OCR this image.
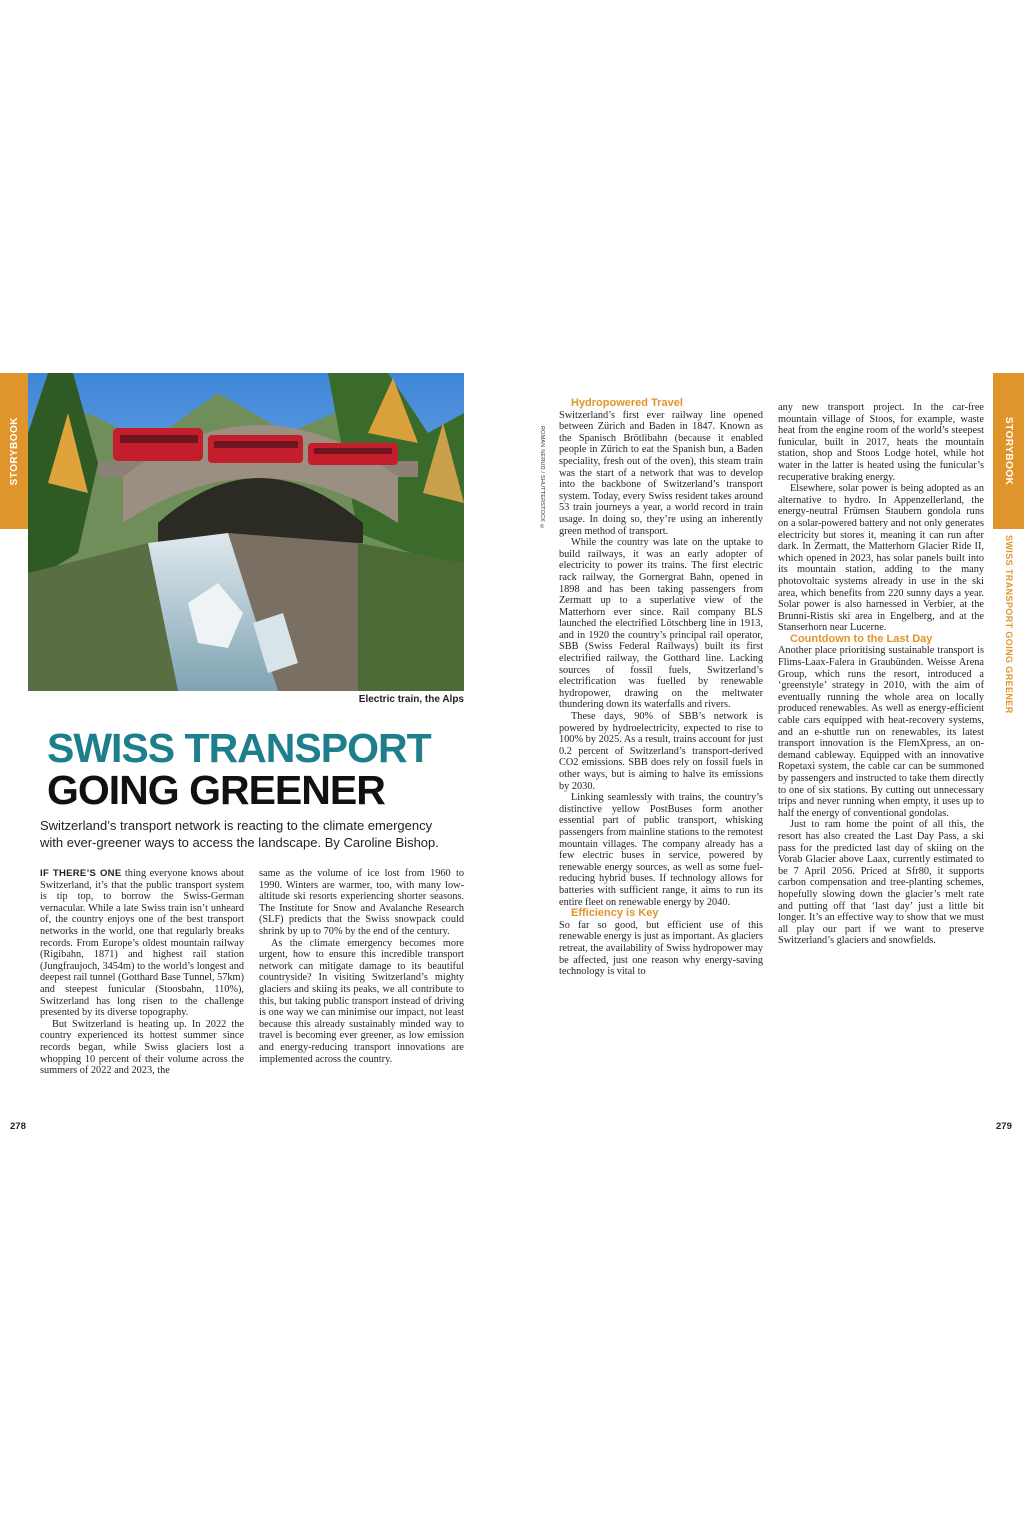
STORYBOOK
Electric train, the Alps
SWISS TRANSPORT
GOING GREENER
Switzerland’s transport network is reacting to the climate emergency with ever-greener ways to access the landscape. By Caroline Bishop.

IF THERE’S ONE thing everyone knows about Switzerland, it’s that the public transport system is tip top, to borrow the Swiss-German vernacular. While a late Swiss train isn’t unheard of, the country enjoys one of the best transport networks in the world, one that regularly breaks records. From Europe’s oldest mountain railway (Rigibahn, 1871) and highest rail station (Jungfraujoch, 3454m) to the world’s longest and deepest rail tunnel (Gotthard Base Tunnel, 57km) and steepest funicular (Stoosbahn, 110%), Switzerland has long risen to the challenge presented by its diverse topography.

But Switzerland is heating up. In 2022 the country experienced its hottest summer since records began, while Swiss glaciers lost a whopping 10 percent of their volume across the summers of 2022 and 2023, the

same as the volume of ice lost from 1960 to 1990. Winters are warmer, too, with many low-altitude ski resorts experiencing shorter seasons. The Institute for Snow and Avalanche Research (SLF) predicts that the Swiss snowpack could shrink by up to 70% by the end of the century.

As the climate emergency becomes more urgent, how to ensure this incredible transport network can mitigate damage to its beautiful countryside? In visiting Switzerland’s mighty glaciers and skiing its peaks, we all contribute to this, but taking public transport instead of driving is one way we can minimise our impact, not least because this already sustainably minded way to travel is becoming ever greener, as low emission and energy-reducing transport innovations are implemented across the country.

278
ROMAN NERUD / SHUTTERSTOCK ©

Hydropowered Travel

Switzerland’s first ever railway line opened between Zürich and Baden in 1847. Known as the Spanisch Brötlibahn (because it enabled people in Zürich to eat the Spanish bun, a Baden speciality, fresh out of the oven), this steam train was the start of a network that was to develop into the backbone of Switzerland’s transport system. Today, every Swiss resident takes around 53 train journeys a year, a world record in train usage. In doing so, they’re using an inherently green method of transport.

While the country was late on the uptake to build railways, it was an early adopter of electricity to power its trains. The first electric rack railway, the Gornergrat Bahn, opened in 1898 and has been taking passengers from Zermatt up to a superlative view of the Matterhorn ever since. Rail company BLS launched the electrified Lötschberg line in 1913, and in 1920 the country’s principal rail operator, SBB (Swiss Federal Railways) built its first electrified railway, the Gotthard line. Lacking sources of fossil fuels, Switzerland’s electrification was fuelled by renewable hydropower, drawing on the meltwater thundering down its waterfalls and rivers.

These days, 90% of SBB’s network is powered by hydroelectricity, expected to rise to 100% by 2025. As a result, trains account for just 0.2 percent of Switzerland’s transport-derived CO2 emissions. SBB does rely on fossil fuels in other ways, but is aiming to halve its emissions by 2030.

Linking seamlessly with trains, the country’s distinctive yellow PostBuses form another essential part of public transport, whisking passengers from mainline stations to the remotest mountain villages. The company already has a few electric buses in service, powered by renewable energy sources, as well as some fuel-reducing hybrid buses. If technology allows for batteries with sufficient range, it aims to run its entire fleet on renewable energy by 2040.

Efficiency is Key

So far so good, but efficient use of this renewable energy is just as important. As glaciers retreat, the availability of Swiss hydropower may be affected, just one reason why energy-saving technology is vital to

any new transport project. In the car-free mountain village of Stoos, for example, waste heat from the engine room of the world’s steepest funicular, built in 2017, heats the mountain station, shop and Stoos Lodge hotel, while hot water in the latter is heated using the funicular’s recuperative braking energy.

Elsewhere, solar power is being adopted as an alternative to hydro. In Appenzellerland, the energy-neutral Frümsen Staubern gondola runs on a solar-powered battery and not only generates electricity but stores it, meaning it can run after dark. In Zermatt, the Matterhorn Glacier Ride II, which opened in 2023, has solar panels built into its mountain station, adding to the many photovoltaic systems already in use in the ski area, which benefits from 220 sunny days a year. Solar power is also harnessed in Verbier, at the Brunni-Ristis ski area in Engelberg, and at the Stanserhorn near Lucerne.

Countdown to the Last Day

Another place prioritising sustainable transport is Flims-Laax-Falera in Graubünden. Weisse Arena Group, which runs the resort, introduced a ‘greenstyle’ strategy in 2010, with the aim of eventually running the whole area on locally produced renewables. As well as energy-efficient cable cars equipped with heat-recovery systems, and an e-shuttle run on renewables, its latest transport innovation is the FlemXpress, an on-demand cableway. Equipped with an innovative Ropetaxi system, the cable car can be summoned by passengers and instructed to take them directly to one of six stations. By cutting out unnecessary trips and never running when empty, it uses up to half the energy of conventional gondolas.

Just to ram home the point of all this, the resort has also created the Last Day Pass, a ski pass for the predicted last day of skiing on the Vorab Glacier above Laax, currently estimated to be 7 April 2056. Priced at Sfr80, it supports carbon compensation and tree-planting schemes, hopefully slowing down the glacier’s melt rate and putting off that ‘last day’ just a little bit longer. It’s an effective way to show that we must all play our part if we want to preserve Switzerland’s glaciers and snowfields.

STORYBOOK
SWISS TRANSPORT GOING GREENER
279
